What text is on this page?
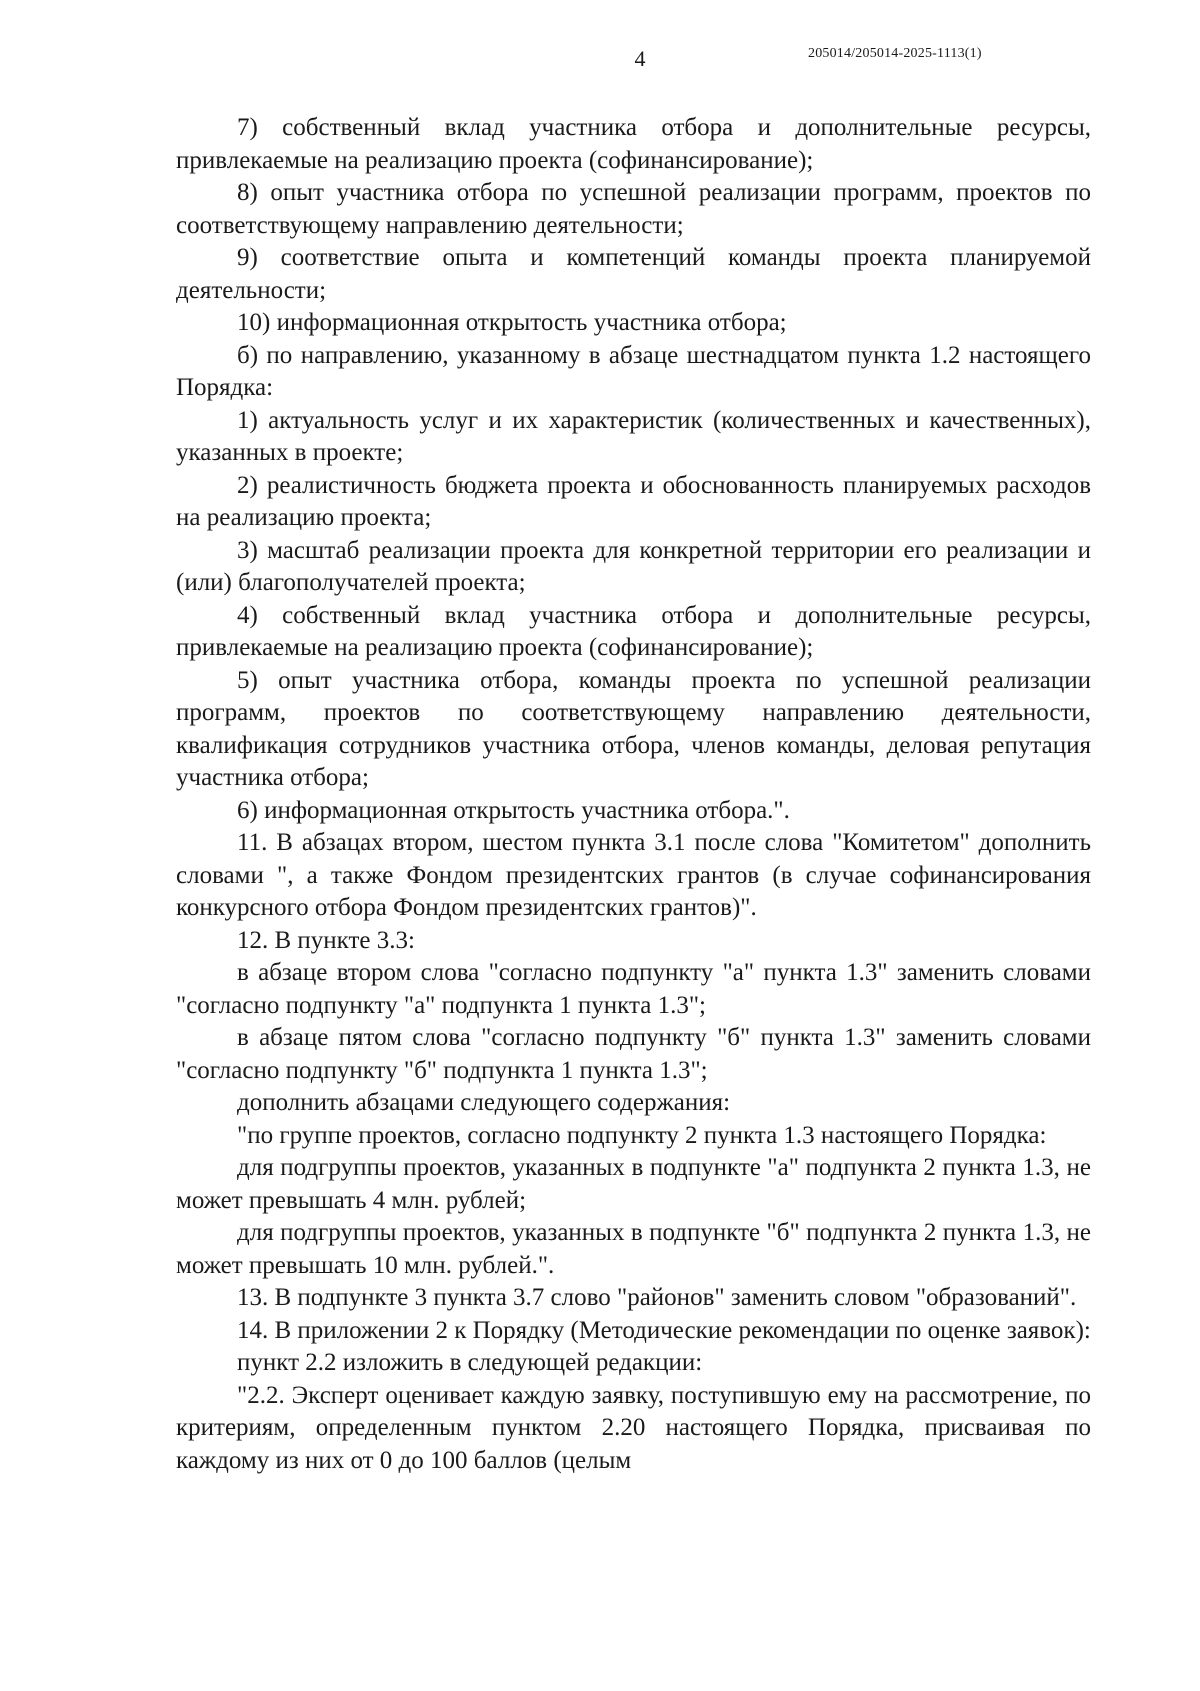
4	205014/205014-2025-1113(1)

7) собственный вклад участника отбора и дополнительные ресурсы, привлекаемые на реализацию проекта (софинансирование);

8) опыт участника отбора по успешной реализации программ, проектов по соответствующему направлению деятельности;

9) соответствие опыта и компетенций команды проекта планируемой деятельности;

10) информационная открытость участника отбора;

б) по направлению, указанному в абзаце шестнадцатом пункта 1.2 настоящего Порядка:

1) актуальность услуг и их характеристик (количественных и качественных), указанных в проекте;

2) реалистичность бюджета проекта и обоснованность планируемых расходов на реализацию проекта;

3) масштаб реализации проекта для конкретной территории его реализации и (или) благополучателей проекта;

4) собственный вклад участника отбора и дополнительные ресурсы, привлекаемые на реализацию проекта (софинансирование);

5) опыт участника отбора, команды проекта по успешной реализации программ, проектов по соответствующему направлению деятельности, квалификация сотрудников участника отбора, членов команды, деловая репутация участника отбора;

6) информационная открытость участника отбора.".

11. В абзацах втором, шестом пункта 3.1 после слова "Комитетом" дополнить словами ", а также Фондом президентских грантов (в случае софинансирования конкурсного отбора Фондом президентских грантов)".

12. В пункте 3.3:

в абзаце втором слова "согласно подпункту "а" пункта 1.3" заменить словами "согласно подпункту "а" подпункта 1 пункта 1.3";

в абзаце пятом слова "согласно подпункту "б" пункта 1.3" заменить словами "согласно подпункту "б" подпункта 1 пункта 1.3";

дополнить абзацами следующего содержания:

"по группе проектов, согласно подпункту 2 пункта 1.3 настоящего Порядка:

для подгруппы проектов, указанных в подпункте "а" подпункта 2 пункта 1.3, не может превышать 4 млн. рублей;

для подгруппы проектов, указанных в подпункте "б" подпункта 2 пункта 1.3, не может превышать 10 млн. рублей.".

13. В подпункте 3 пункта 3.7 слово "районов" заменить словом "образований".

14. В приложении 2 к Порядку (Методические рекомендации по оценке заявок):

пункт 2.2 изложить в следующей редакции:

"2.2. Эксперт оценивает каждую заявку, поступившую ему на рассмотрение, по критериям, определенным пунктом 2.20 настоящего Порядка, присваивая по каждому из них от 0 до 100 баллов (целым
